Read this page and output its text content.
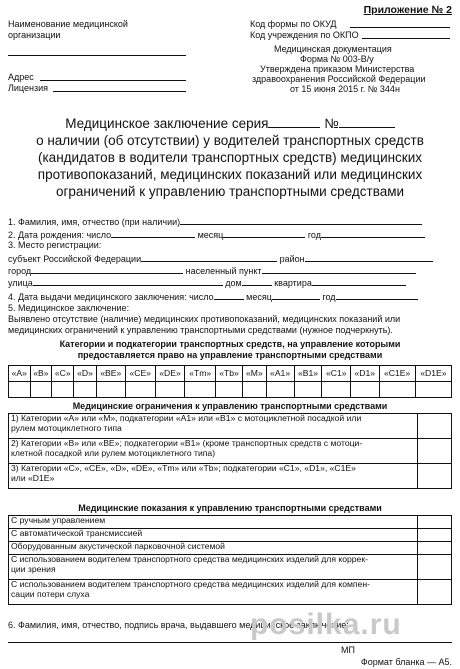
Приложение № 2
Наименование медицинской
организации
Адрес
Лицензия
Код формы по ОКУД
Код учреждения по ОКПО
Медицинская документация
Форма № 003-В/у
Утверждена приказом Министерства
здравоохранения Российской Федерации
от 15 июня 2015 г. № 344н
Медицинское заключение серия	№
о наличии (об отсутствии) у водителей транспортных средств
(кандидатов в водители транспортных средств) медицинских
противопоказаний, медицинских показаний или медицинских
ограничений к управлению транспортными средствами
1. Фамилия, имя, отчество (при наличии)
2. Дата рождения: число	месяц	год
3. Место регистрации:
субъект Российской Федерации	район
город	населенный пункт
улица	дом	квартира
4. Дата выдачи медицинского заключения: число	месяц	год
5. Медицинское заключение:
Выявлено отсутствие (наличие) медицинских противопоказаний, медицинских показаний или
медицинских ограничений к управлению транспортными средствами (нужное подчеркнуть).
Категории и подкатегории транспортных средств, на управление которыми
предоставляется право на управление транспортными средствами
«A»	«B»	«C»	«D»	«BE»	«CE»	«DE»	«Tm»	«Tb»	«M»	«A1»	«B1»	«C1»	«D1»	«C1E»	«D1E»

Медицинские ограничения к управлению транспортными средствами
1) Категории «А» или «М», подкатегории «А1» или «В1» с мотоциклетной посадкой или
рулем мотоциклетного типа	
2) Категории «В» или «ВЕ»; подкатегории «В1» (кроме транспортных средств с мотоци-
клетной посадкой или рулем мотоциклетного типа)	
3) Категории «С», «СЕ», «D», «DE», «Tm» или «Tb»; подкатегории «С1», «D1», «С1Е»
или «D1E»	
Медицинские показания к управлению транспортными средствами
С ручным управлением	
С автоматической трансмиссией	
Оборудованным акустической парковочной системой	
С использованием водителем транспортного средства медицинских изделий для коррек-
ции зрения	
С использованием водителем транспортного средства медицинских изделий для компен-
сации потери слуха	
6. Фамилия, имя, отчество, подпись врача, выдавшего медицинское заключение:
posilka.ru
МП
Формат бланка — А5.
